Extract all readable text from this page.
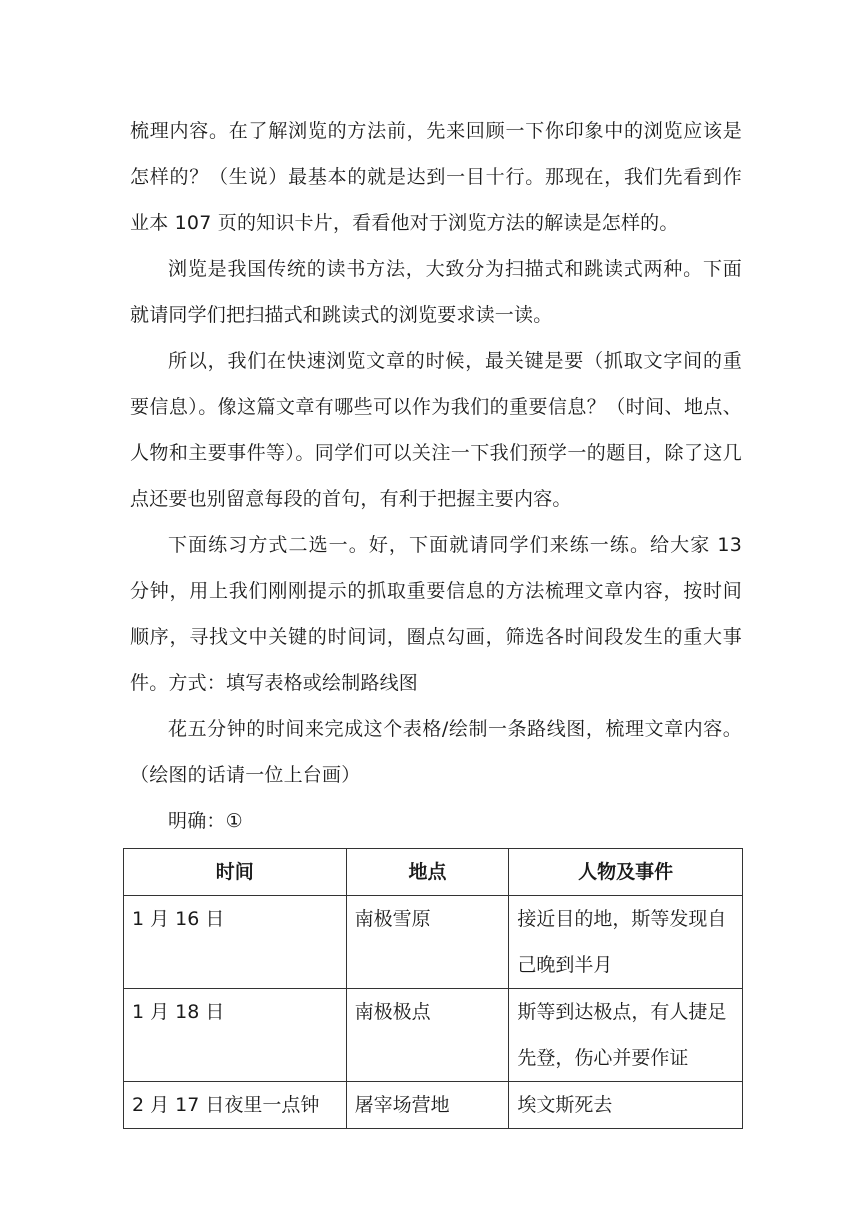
梳理内容。在了解浏览的方法前，先来回顾一下你印象中的浏览应该是怎样的？（生说）最基本的就是达到一目十行。那现在，我们先看到作业本 107 页的知识卡片，看看他对于浏览方法的解读是怎样的。

浏览是我国传统的读书方法，大致分为扫描式和跳读式两种。下面就请同学们把扫描式和跳读式的浏览要求读一读。

所以，我们在快速浏览文章的时候，最关键是要（抓取文字间的重要信息）。像这篇文章有哪些可以作为我们的重要信息？（时间、地点、人物和主要事件等）。同学们可以关注一下我们预学一的题目，除了这几点还要也别留意每段的首句，有利于把握主要内容。

下面练习方式二选一。好，下面就请同学们来练一练。给大家 13 分钟，用上我们刚刚提示的抓取重要信息的方法梳理文章内容，按时间顺序，寻找文中关键的时间词，圈点勾画，筛选各时间段发生的重大事件。方式：填写表格或绘制路线图

花五分钟的时间来完成这个表格/绘制一条路线图，梳理文章内容。（绘图的话请一位上台画）

明确：①

时间	地点	人物及事件
1 月 16 日	南极雪原	接近目的地，斯等发现自己晚到半月
1 月 18 日	南极极点	斯等到达极点，有人捷足先登，伤心并要作证
2 月 17 日夜里一点钟	屠宰场营地	埃文斯死去
